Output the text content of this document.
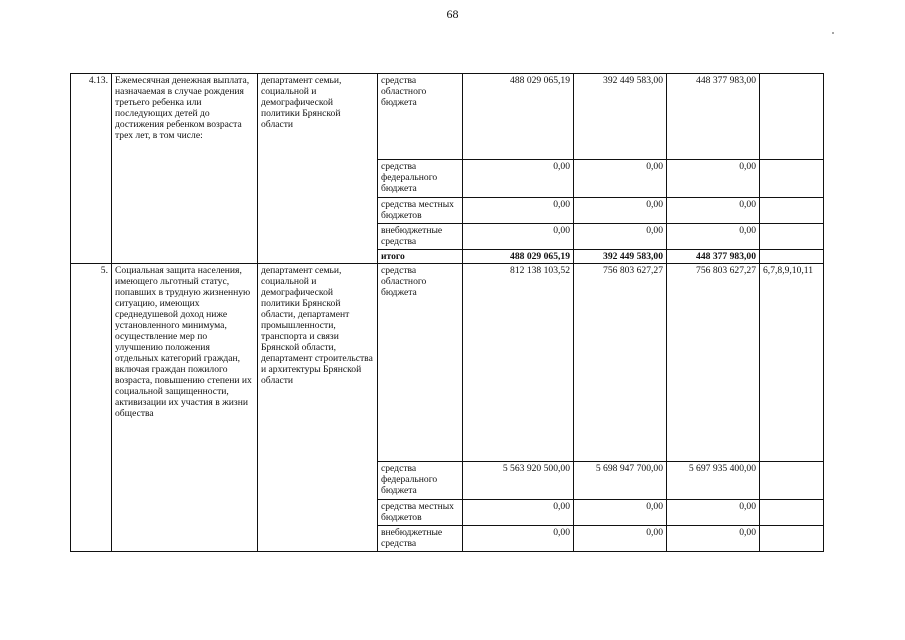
68
4.13.	Ежемесячная денежная выплата, назначаемая в случае рождения третьего ребенка или последующих детей до достижения ребенком возраста трех лет, в том числе:	департамент семьи, социальной и демографической политики Брянской области	средства областного бюджета	488 029 065,19	392 449 583,00	448 377 983,00	
			средства федерального бюджета	0,00	0,00	0,00	
			средства местных бюджетов	0,00	0,00	0,00	
			внебюджетные средства	0,00	0,00	0,00	
			итого	488 029 065,19	392 449 583,00	448 377 983,00	
5.	Социальная защита населения, имеющего льготный статус, попавших в трудную жизненную ситуацию, имеющих среднедушевой доход ниже установленного минимума, осуществление мер по улучшению положения отдельных категорий граждан, включая граждан пожилого возраста, повышению степени их социальной защищенности, активизации их участия в жизни общества	департамент семьи, социальной и демографической политики Брянской области, департамент промышленности, транспорта и связи Брянской области, департамент строительства и архитектуры Брянской области	средства областного бюджета	812 138 103,52	756 803 627,27	756 803 627,27	6,7,8,9,10,11
			средства федерального бюджета	5 563 920 500,00	5 698 947 700,00	5 697 935 400,00	
			средства местных бюджетов	0,00	0,00	0,00	
			внебюджетные средства	0,00	0,00	0,00	
